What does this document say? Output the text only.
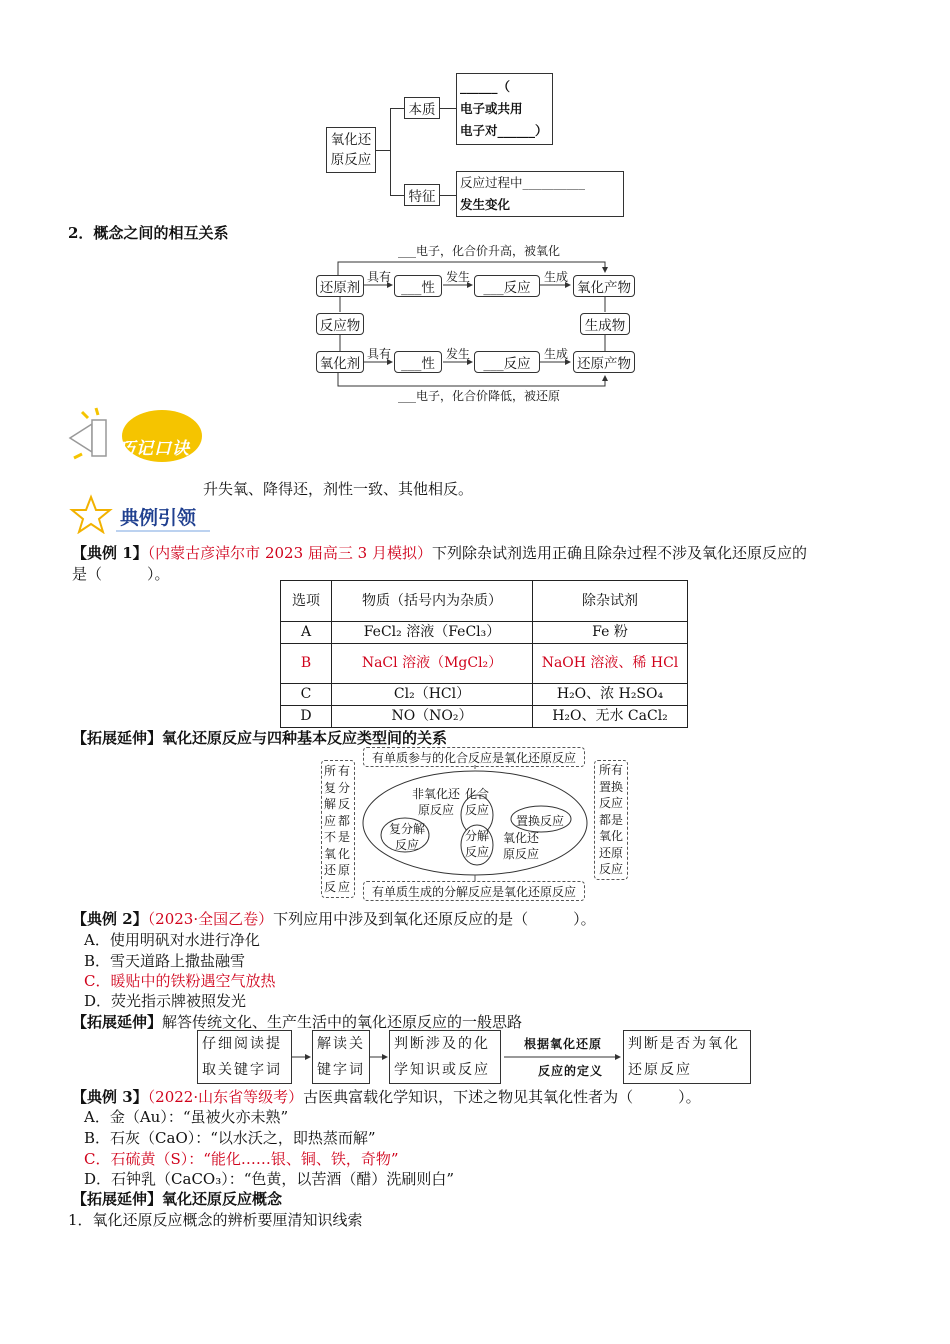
氧化还
原反应
本质
特征
______（
电子或共用
电子对______）
反应过程中__________
发生变化
2．概念之间的相互关系
___电子，化合价升高，被氧化
___电子，化合价降低，被还原
还原剂	___性	___反应	氧化产物
反应物	生成物
氧化剂	___性	___反应	还原产物
具有	发生	生成
具有	发生	生成
巧记口诀
升失氧、降得还，剂性一致、其他相反。
典例引领
【典例 1】（内蒙古彦淖尔市 2023 届高三 3 月模拟）下列除杂试剂选用正确且除杂过程不涉及氧化还原反应的
是（　　　）。
选项	物质（括号内为杂质）	除杂试剂
A	FeCl₂ 溶液（FeCl₃）	Fe 粉
B	NaCl 溶液（MgCl₂）	NaOH 溶液、稀 HCl
C	Cl₂（HCl）	H₂O、浓 H₂SO₄
D	NO（NO₂）	H₂O、无水 CaCl₂
【拓展延伸】氧化还原反应与四种基本反应类型间的关系
有单质参与的化合反应是氧化还原反应
有单质生成的分解反应是氧化还原反应
所有复分解反应都不是氧化还原反应
所有置换反应都是氧化还原反应
非氧化还原反应
化合反应
分解反应
复分解反应
置换反应
氧化还原反应
【典例 2】（2023·全国乙卷）下列应用中涉及到氧化还原反应的是（　　　）。
A．使用明矾对水进行净化
B．雪天道路上撒盐融雪
C．暖贴中的铁粉遇空气放热
D．荧光指示牌被照发光
【拓展延伸】解答传统文化、生产生活中的氧化还原反应的一般思路
仔细阅读提
取关键字词
解读关
键字词
判断涉及的化
学知识或反应
判断是否为氧化
还原反应
根据氧化还原
反应的定义
【典例 3】（2022·山东省等级考）古医典富载化学知识，下述之物见其氧化性者为（　　　）。
A．金（Au）：“虽被火亦未熟”
B．石灰（CaO）：“以水沃之，即热蒸而解”
C．石硫黄（S）：“能化……银、铜、铁，奇物”
D．石钟乳（CaCO₃）：“色黄，以苦酒（醋）洗刷则白”
【拓展延伸】氧化还原反应概念
1．氧化还原反应概念的辨析要厘清知识线索
